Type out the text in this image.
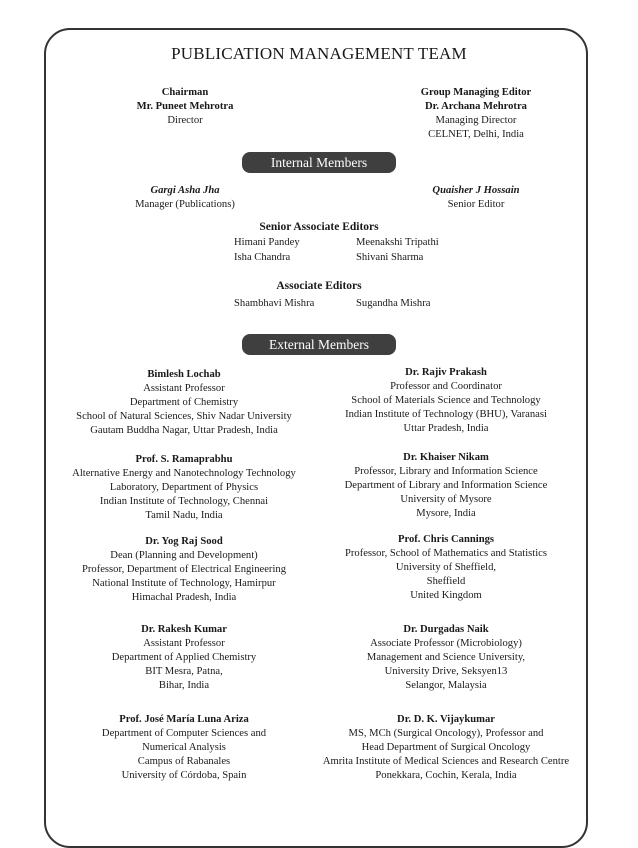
PUBLICATION MANAGEMENT TEAM
Chairman
Mr. Puneet Mehrotra
Director
Group Managing Editor
Dr. Archana Mehrotra
Managing Director
CELNET, Delhi, India
Internal Members
Gargi Asha Jha
Manager (Publications)
Quaisher J Hossain
Senior Editor
Senior Associate Editors
Himani Pandey	Meenakshi Tripathi
Isha Chandra	Shivani Sharma
Associate Editors
Shambhavi Mishra	Sugandha Mishra
External Members
Bimlesh Lochab
Assistant Professor
Department of Chemistry
School of Natural Sciences, Shiv Nadar University
Gautam Buddha Nagar, Uttar Pradesh, India
Prof. S. Ramaprabhu
Alternative Energy and Nanotechnology Technology
Laboratory, Department of Physics
Indian Institute of Technology, Chennai
Tamil Nadu, India
Dr. Yog Raj Sood
Dean (Planning and Development)
Professor, Department of Electrical Engineering
National Institute of Technology, Hamirpur
Himachal Pradesh, India
Dr. Rakesh Kumar
Assistant Professor
Department of Applied Chemistry
BIT Mesra, Patna,
Bihar, India
Prof. José María Luna Ariza
Department of Computer Sciences and
Numerical Analysis
Campus of Rabanales
University of Córdoba, Spain
Dr. Rajiv Prakash
Professor and Coordinator
School of Materials Science and Technology
Indian Institute of Technology (BHU), Varanasi
Uttar Pradesh, India
Dr. Khaiser Nikam
Professor, Library and Information Science
Department of Library and Information Science
University of Mysore
Mysore, India
Prof. Chris Cannings
Professor, School of Mathematics and Statistics
University of Sheffield,
Sheffield
United Kingdom
Dr. Durgadas Naik
Associate Professor (Microbiology)
Management and Science University,
University Drive, Seksyen13
Selangor, Malaysia
Dr. D. K. Vijaykumar
MS, MCh (Surgical Oncology), Professor and
Head Department of Surgical Oncology
Amrita Institute of Medical Sciences and Research Centre
Ponekkara, Cochin, Kerala, India
